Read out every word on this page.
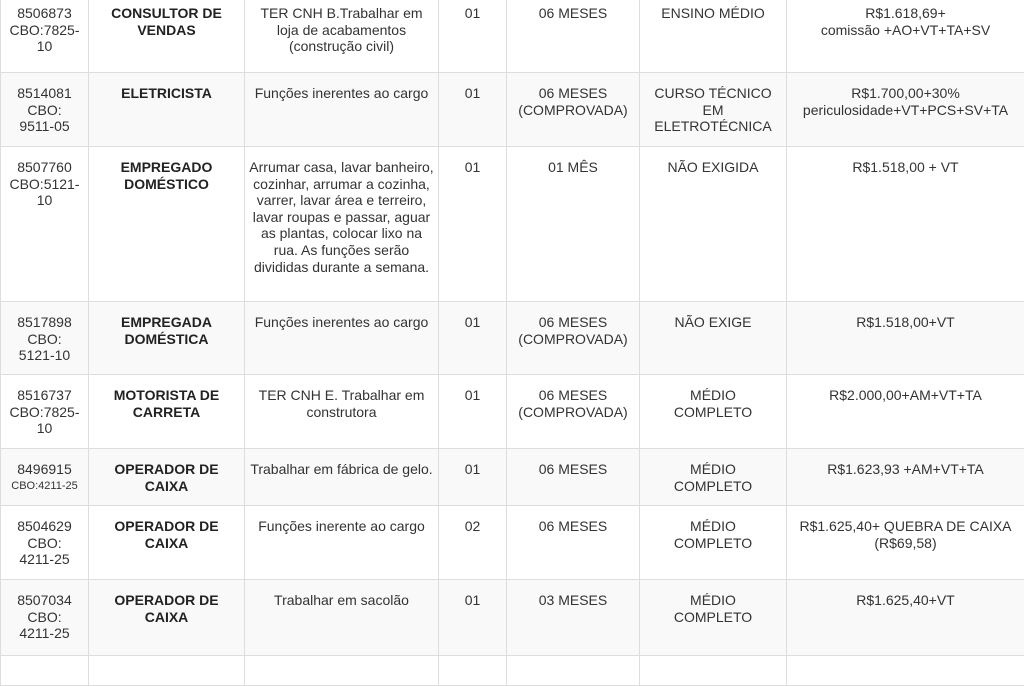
8506873
CBO:7825-
10	CONSULTOR DE
VENDAS	TER CNH B.Trabalhar em loja de acabamentos (construção civil)	01	06 MESES	ENSINO MÉDIO	R$1.618,69+
comissão +AO+VT+TA+SV

8514081
CBO:
9511-05	ELETRICISTA	Funções inerentes ao cargo	01	06 MESES
(COMPROVADA)	CURSO TÉCNICO
EM
ELETROTÉCNICA	R$1.700,00+30%
periculosidade+VT+PCS+SV+TA

8507760
CBO:5121-
10	EMPREGADO
DOMÉSTICO	Arrumar casa, lavar banheiro, cozinhar, arrumar a cozinha, varrer, lavar área e terreiro, lavar roupas e passar, aguar as plantas, colocar lixo na rua. As funções serão divididas durante a semana.	01	01 MÊS	NÃO EXIGIDA	R$1.518,00 + VT

8517898
CBO:
5121-10	EMPREGADA
DOMÉSTICA	Funções inerentes ao cargo	01	06 MESES
(COMPROVADA)	NÃO EXIGE	R$1.518,00+VT

8516737
CBO:7825-
10	MOTORISTA DE
CARRETA	TER CNH E. Trabalhar em construtora	01	06 MESES
(COMPROVADA)	MÉDIO
COMPLETO	R$2.000,00+AM+VT+TA

8496915
CBO:4211-25	OPERADOR DE
CAIXA	Trabalhar em fábrica de gelo.	01	06 MESES	MÉDIO
COMPLETO	R$1.623,93 +AM+VT+TA

8504629
CBO:
4211-25	OPERADOR DE
CAIXA	Funções inerente ao cargo	02	06 MESES	MÉDIO
COMPLETO	R$1.625,40+ QUEBRA DE CAIXA
(R$69,58)

8507034
CBO:
4211-25	OPERADOR DE
CAIXA	Trabalhar em sacolão	01	03 MESES	MÉDIO
COMPLETO	R$1.625,40+VT
